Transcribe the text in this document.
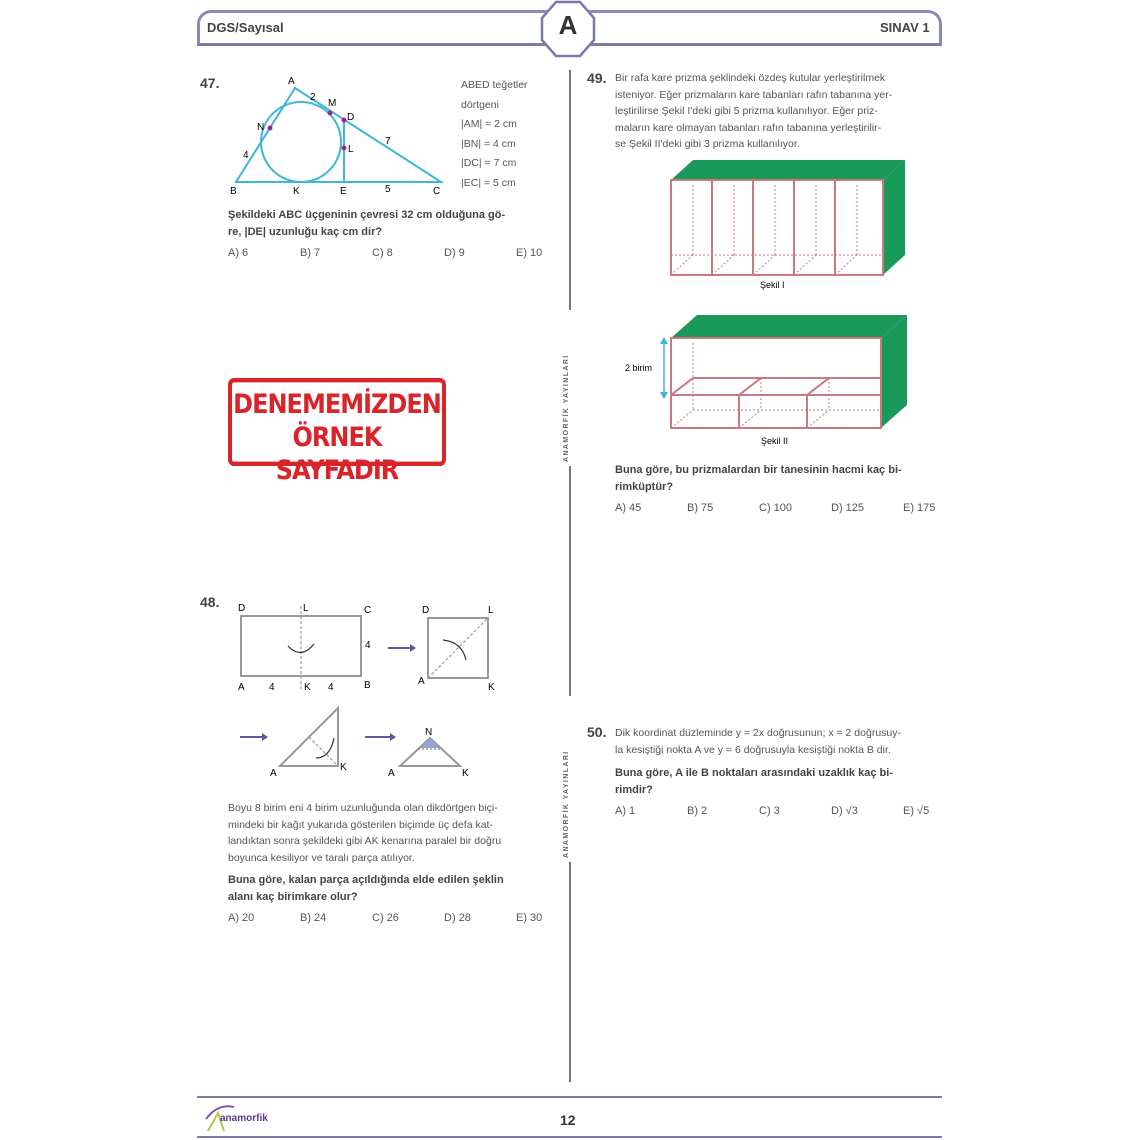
DGS/Sayısal	A	SINAV 1
ANAMORFİK YAYINLARI
ANAMORFİK YAYINLARI
47.	A
B	C
D
E
K
L
M
N
2
4
7
5
ABED teğetler dörtgeni
|AM| = 2 cm
|BN| = 4 cm
|DC| = 7 cm
|EC| = 5 cm
Şekildeki ABC üçgeninin çevresi 32 cm olduğuna gö-
re, |DE| uzunluğu kaç cm dir?
A) 6	B) 7	C) 8	D) 9	E) 10
DENEMEMİZDEN
ÖRNEK SAYFADIR
48. D	L	C
4
A 4	K 4	B
D	L
A
K
A
K
N
A	K
Boyu 8 birim eni 4 birim uzunluğunda olan dikdörtgen biçi-
mindeki bir kağıt yukarıda gösterilen biçimde üç defa kat-
landıktan sonra şekildeki gibi AK kenarına paralel bir doğru
boyunca kesiliyor ve taralı parça atılıyor.
Buna göre, kalan parça açıldığında elde edilen şeklin
alanı kaç birimkare olur?
A) 20	B) 24	C) 26	D) 28	E) 30
49. Bir rafa kare prizma şeklindeki özdeş kutular yerleştirilmek
isteniyor. Eğer prizmaların kare tabanları rafın tabanına yer-
leştirilirse Şekil I'deki gibi 5 prizma kullanılıyor. Eğer priz-
maların kare olmayan tabanları rafın tabanına yerleştirilir-
se Şekil II'deki gibi 3 prizma kullanılıyor.
Şekil I
2 birim
Şekil II
Buna göre, bu prizmalardan bir tanesinin hacmi kaç bi-
rimküptür?
A) 45	B) 75	C) 100	D) 125	E) 175
50. Dik koordinat düzleminde y = 2x doğrusunun; x = 2 doğrusuy-
la kesiştiği nokta A ve y = 6 doğrusuyla kesiştiği nokta B dir.
Buna göre, A ile B noktaları arasındaki uzaklık kaç bi-
rimdir?
A) 1	B) 2	C) 3	D) √3	E) √5
anamorfik	12
